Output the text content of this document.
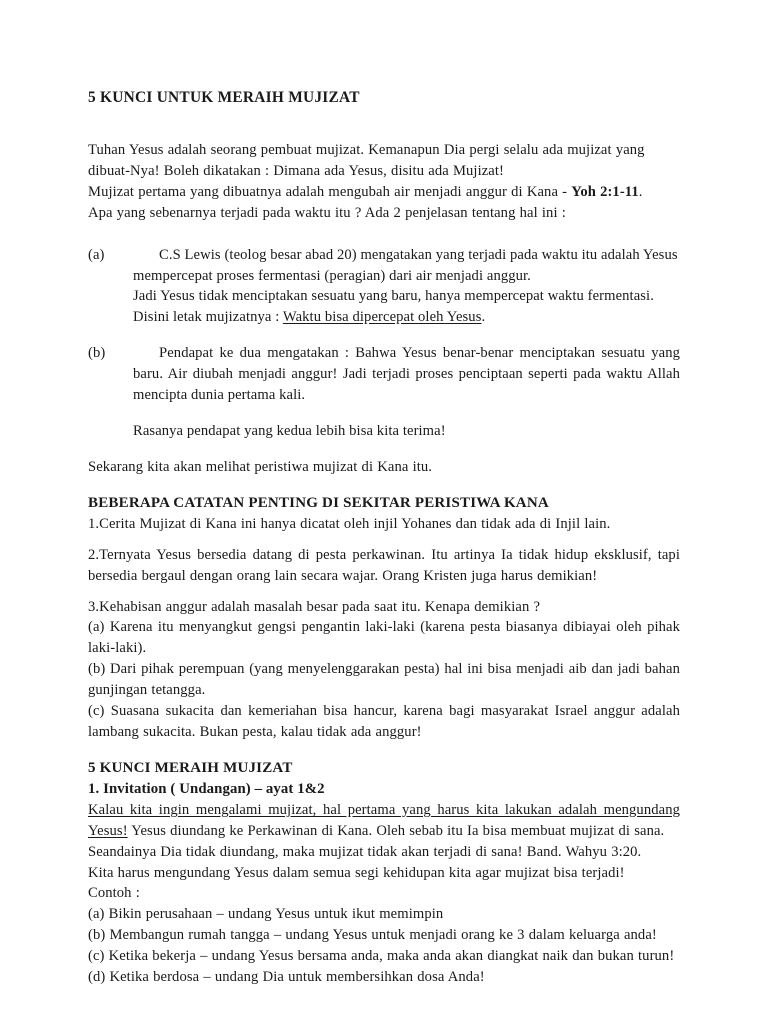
5 KUNCI UNTUK MERAIH MUJIZAT
Tuhan Yesus adalah seorang pembuat mujizat. Kemanapun Dia pergi selalu ada mujizat yang dibuat-Nya! Boleh dikatakan : Dimana ada Yesus, disitu ada Mujizat!
Mujizat pertama yang dibuatnya adalah mengubah air menjadi anggur di Kana - Yoh 2:1-11.
Apa yang sebenarnya terjadi pada waktu itu ? Ada 2 penjelasan tentang hal ini :
(a)	C.S Lewis (teolog besar abad 20) mengatakan yang terjadi pada waktu itu adalah Yesus mempercepat proses fermentasi (peragian) dari air menjadi anggur.
Jadi Yesus tidak menciptakan sesuatu yang baru, hanya mempercepat waktu fermentasi.
Disini letak mujizatnya : Waktu bisa dipercepat oleh Yesus.
(b)	Pendapat ke dua mengatakan : Bahwa Yesus benar-benar menciptakan sesuatu yang baru. Air diubah menjadi anggur! Jadi terjadi proses penciptaan seperti pada waktu Allah mencipta dunia pertama kali.
Rasanya pendapat yang kedua lebih bisa kita terima!
Sekarang kita akan melihat peristiwa mujizat di Kana itu.
BEBERAPA CATATAN PENTING DI SEKITAR PERISTIWA KANA
1.Cerita Mujizat di Kana ini hanya dicatat oleh injil Yohanes dan tidak ada di Injil lain.
2.Ternyata Yesus bersedia datang di pesta perkawinan. Itu artinya Ia tidak hidup eksklusif, tapi bersedia bergaul dengan orang lain secara wajar. Orang Kristen juga harus demikian!
3.Kehabisan anggur adalah masalah besar pada saat itu. Kenapa demikian ?
(a) Karena itu menyangkut gengsi pengantin laki-laki (karena pesta biasanya dibiayai oleh pihak laki-laki).
(b) Dari pihak perempuan (yang menyelenggarakan pesta) hal ini bisa menjadi aib dan jadi bahan gunjingan tetangga.
(c) Suasana sukacita dan kemeriahan bisa hancur, karena bagi masyarakat Israel anggur adalah lambang sukacita. Bukan pesta, kalau tidak ada anggur!
5 KUNCI MERAIH MUJIZAT
1. Invitation ( Undangan) – ayat 1&2
Kalau kita ingin mengalami mujizat, hal pertama yang harus kita lakukan adalah mengundang Yesus! Yesus diundang ke Perkawinan di Kana. Oleh sebab itu Ia bisa membuat mujizat di sana.
Seandainya Dia tidak diundang, maka mujizat tidak akan terjadi di sana! Band. Wahyu 3:20.
Kita harus mengundang Yesus dalam semua segi kehidupan kita agar mujizat bisa terjadi!
Contoh :
(a) Bikin perusahaan – undang Yesus untuk ikut memimpin
(b) Membangun rumah tangga – undang Yesus untuk menjadi orang ke 3 dalam keluarga anda!
(c) Ketika bekerja – undang Yesus bersama anda, maka anda akan diangkat naik dan bukan turun!
(d) Ketika berdosa – undang Dia untuk membersihkan dosa Anda!
